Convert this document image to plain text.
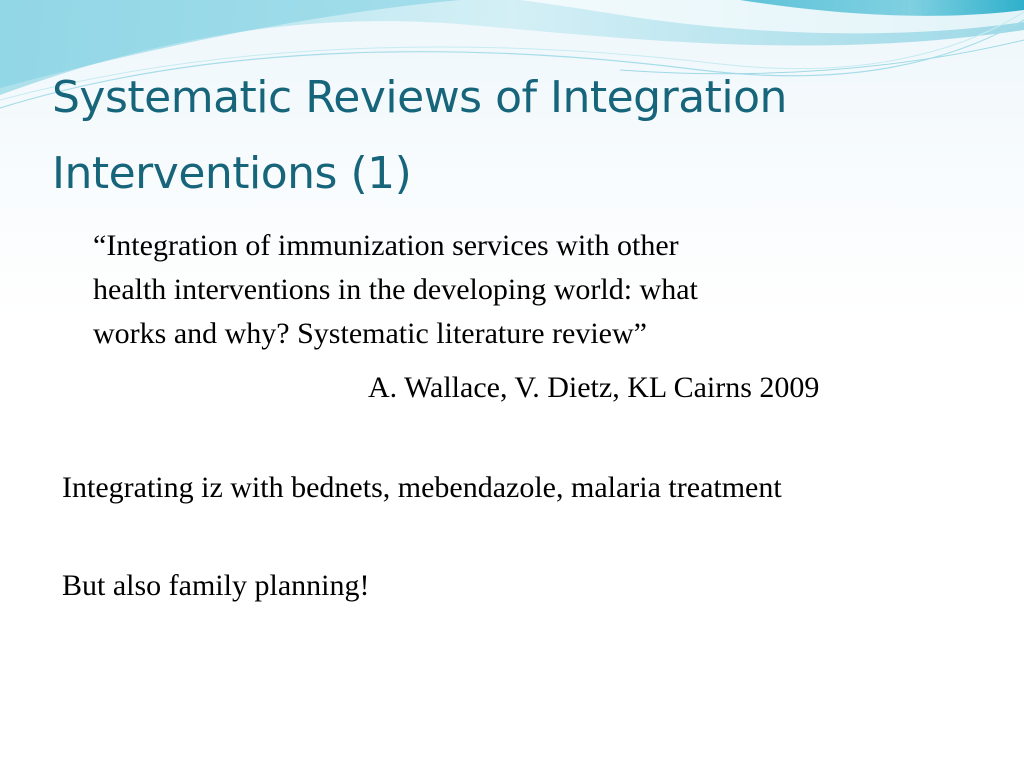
Systematic Reviews of Integration
Interventions (1)

“Integration of immunization services with other
health interventions in the developing world: what
works and why? Systematic literature review”

A. Wallace, V. Dietz, KL Cairns 2009

Integrating iz with bednets, mebendazole, malaria treatment

But also family planning!
